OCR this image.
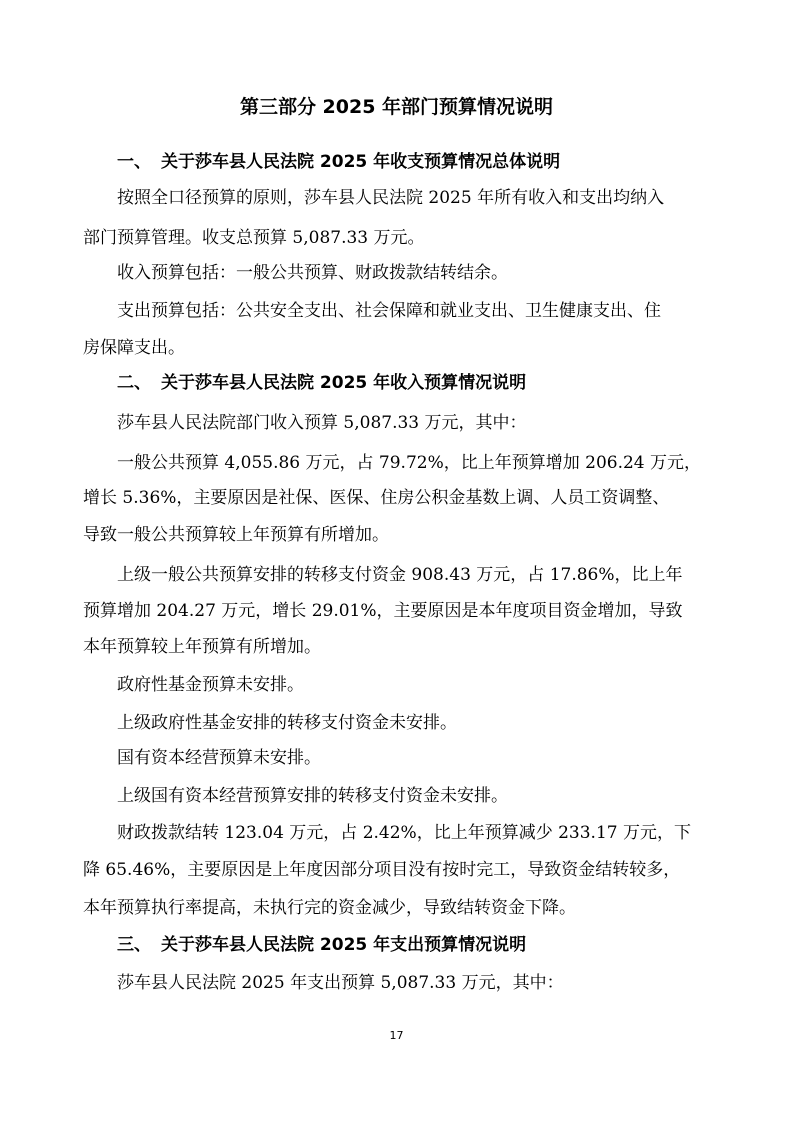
第三部分 2025 年部门预算情况说明
一、 关于莎车县人民法院 2025 年收支预算情况总体说明
按照全口径预算的原则，莎车县人民法院 2025 年所有收入和支出均纳入
部门预算管理。收支总预算 5,087.33 万元。
收入预算包括：一般公共预算、财政拨款结转结余。
支出预算包括：公共安全支出、社会保障和就业支出、卫生健康支出、住
房保障支出。
二、 关于莎车县人民法院 2025 年收入预算情况说明
莎车县人民法院部门收入预算 5,087.33 万元，其中：
一般公共预算 4,055.86 万元，占 79.72%，比上年预算增加 206.24 万元，
增长 5.36%，主要原因是社保、医保、住房公积金基数上调、人员工资调整、
导致一般公共预算较上年预算有所增加。
上级一般公共预算安排的转移支付资金 908.43 万元，占 17.86%，比上年
预算增加 204.27 万元，增长 29.01%，主要原因是本年度项目资金增加，导致
本年预算较上年预算有所增加。
政府性基金预算未安排。
上级政府性基金安排的转移支付资金未安排。
国有资本经营预算未安排。
上级国有资本经营预算安排的转移支付资金未安排。
财政拨款结转 123.04 万元，占 2.42%，比上年预算减少 233.17 万元，下
降 65.46%，主要原因是上年度因部分项目没有按时完工，导致资金结转较多，
本年预算执行率提高，未执行完的资金减少，导致结转资金下降。
三、 关于莎车县人民法院 2025 年支出预算情况说明
莎车县人民法院 2025 年支出预算 5,087.33 万元，其中：
17
